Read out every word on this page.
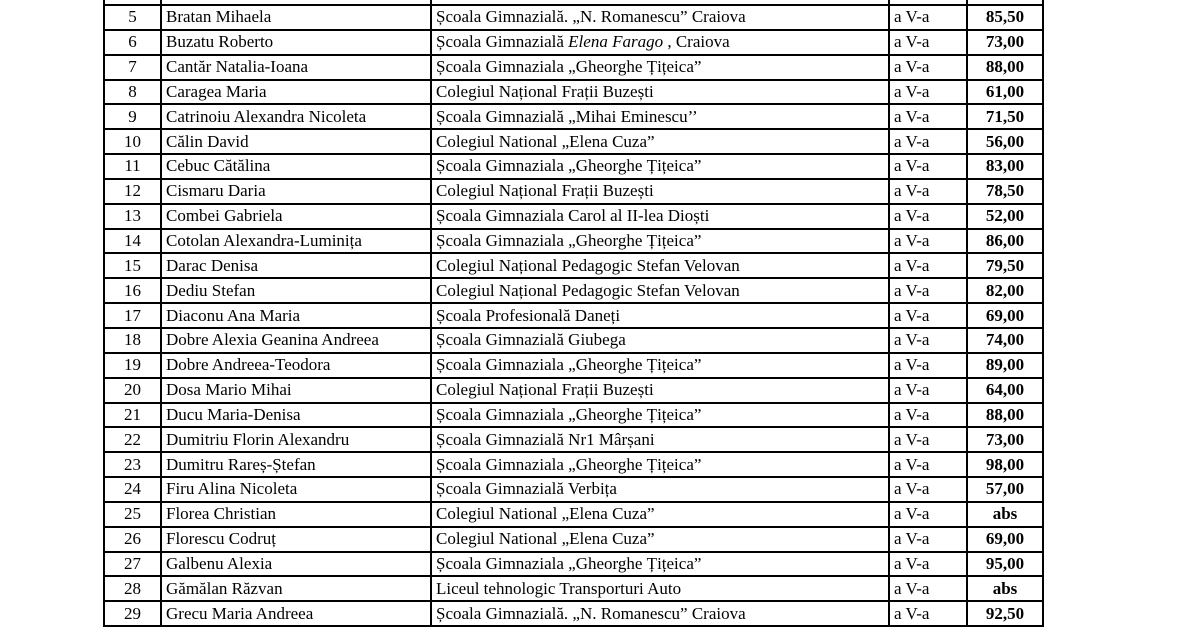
5	Bratan Mihaela	Școala Gimnazială. „N. Romanescu” Craiova	a V-a	85,50
6	Buzatu Roberto	Școala Gimnazială Elena Farago , Craiova	a V-a	73,00
7	Cantăr Natalia-Ioana	Școala Gimnaziala „Gheorghe Țițeica”	a V-a	88,00
8	Caragea Maria	Colegiul Național Frații Buzești	a V-a	61,00
9	Catrinoiu Alexandra Nicoleta	Școala Gimnazială „Mihai Eminescu’’	a V-a	71,50
10	Călin David	Colegiul National „Elena Cuza”	a V-a	56,00
11	Cebuc Cătălina	Școala Gimnaziala „Gheorghe Țițeica”	a V-a	83,00
12	Cismaru Daria	Colegiul Național Frații Buzești	a V-a	78,50
13	Combei Gabriela	Școala Gimnaziala Carol al II-lea Dioști	a V-a	52,00
14	Cotolan Alexandra-Luminița	Școala Gimnaziala „Gheorghe Țițeica”	a V-a	86,00
15	Darac Denisa	Colegiul Național Pedagogic Stefan Velovan	a V-a	79,50
16	Dediu Stefan	Colegiul Național Pedagogic Stefan Velovan	a V-a	82,00
17	Diaconu Ana Maria	Școala Profesională Daneți	a V-a	69,00
18	Dobre Alexia Geanina Andreea	Școala Gimnazială Giubega	a V-a	74,00
19	Dobre Andreea-Teodora	Școala Gimnaziala „Gheorghe Țițeica”	a V-a	89,00
20	Dosa Mario Mihai	Colegiul Național Frații Buzești	a V-a	64,00
21	Ducu Maria-Denisa	Școala Gimnaziala „Gheorghe Țițeica”	a V-a	88,00
22	Dumitriu Florin Alexandru	Școala Gimnazială Nr1 Mârșani	a V-a	73,00
23	Dumitru Rareș-Ștefan	Școala Gimnaziala „Gheorghe Țițeica”	a V-a	98,00
24	Firu Alina Nicoleta	Școala Gimnazială Verbița	a V-a	57,00
25	Florea Christian	Colegiul National „Elena Cuza”	a V-a	abs
26	Florescu Codruț	Colegiul National „Elena Cuza”	a V-a	69,00
27	Galbenu Alexia	Școala Gimnaziala „Gheorghe Țițeica”	a V-a	95,00
28	Gămălan Răzvan	Liceul tehnologic Transporturi Auto	a V-a	abs
29	Grecu Maria Andreea	Școala Gimnazială. „N. Romanescu” Craiova	a V-a	92,50
